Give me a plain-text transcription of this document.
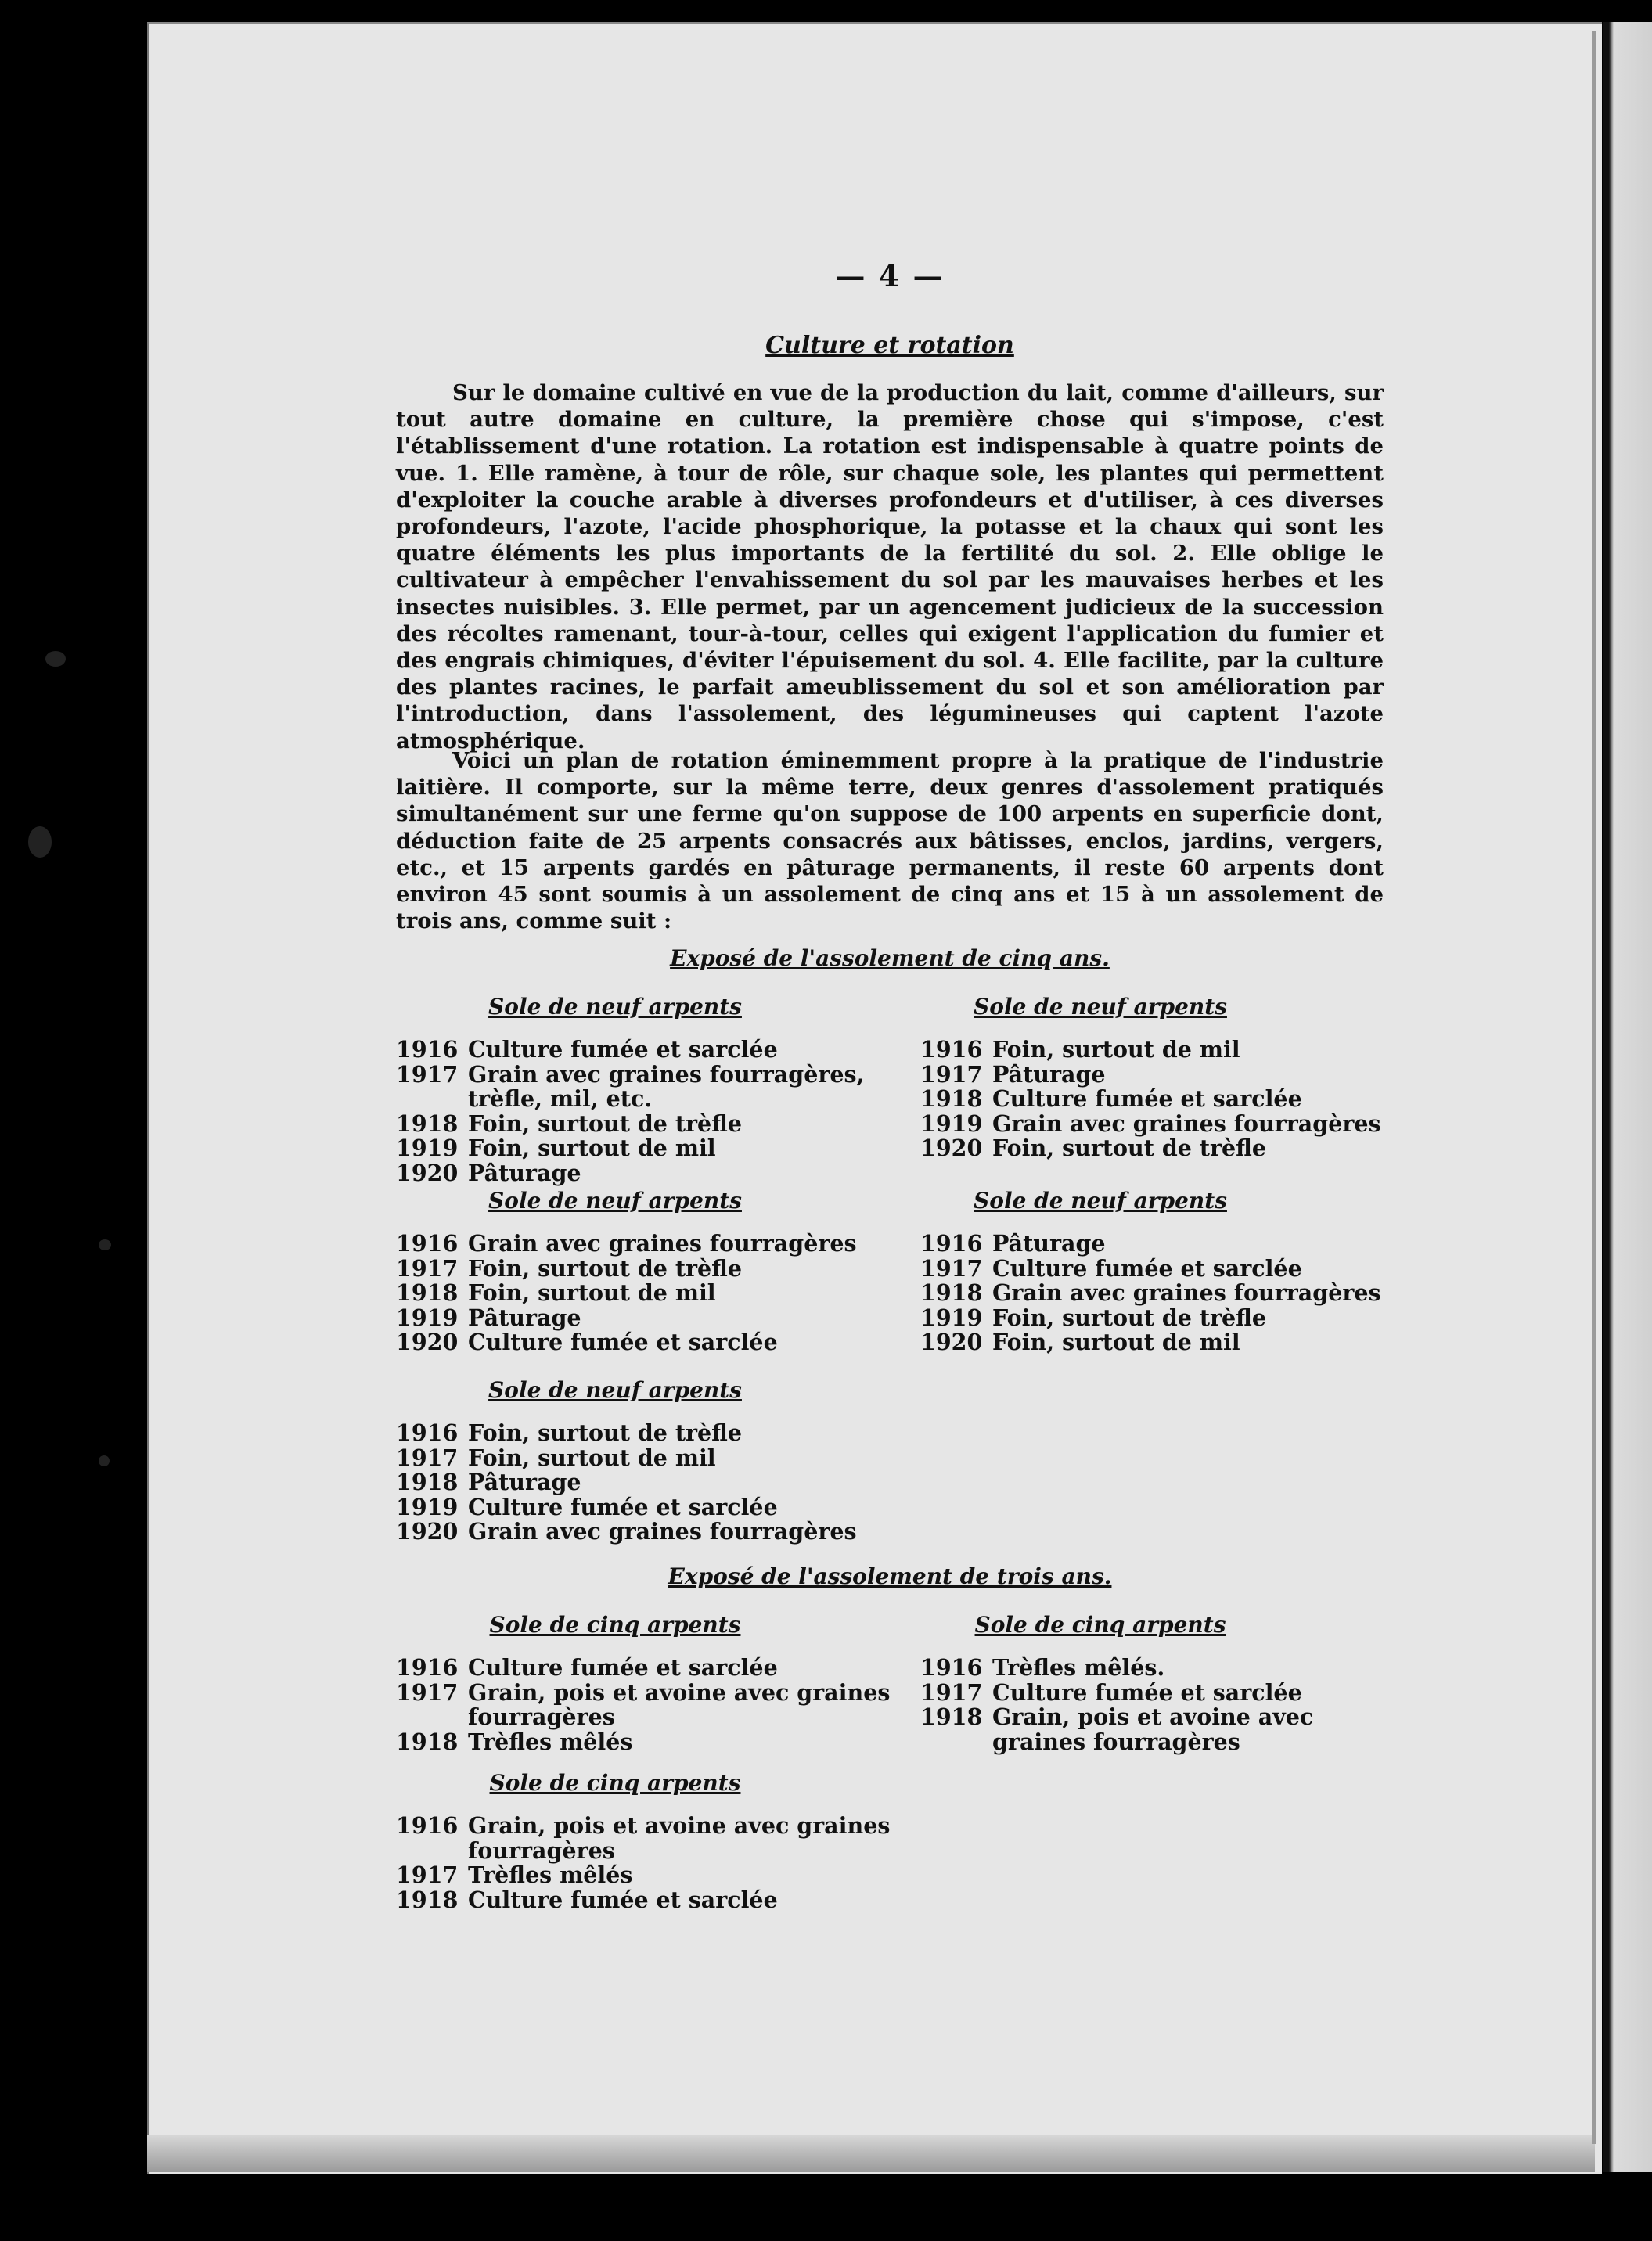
— 4 —
Culture et rotation

Sur le domaine cultivé en vue de la production du lait, comme d'ailleurs, sur tout autre domaine en culture, la première chose qui s'impose, c'est l'établissement d'une rotation. La rotation est indispensable à quatre points de vue. 1. Elle ramène, à tour de rôle, sur chaque sole, les plantes qui permettent d'exploiter la couche arable à diverses profondeurs et d'utiliser, à ces diverses profondeurs, l'azote, l'acide phosphorique, la potasse et la chaux qui sont les quatre éléments les plus importants de la fertilité du sol. 2. Elle oblige le cultivateur à empêcher l'envahissement du sol par les mauvaises herbes et les insectes nuisibles. 3. Elle permet, par un agencement judicieux de la succession des récoltes ramenant, tour-à-tour, celles qui exigent l'application du fumier et des engrais chimiques, d'éviter l'épuisement du sol. 4. Elle facilite, par la culture des plantes racines, le parfait ameublissement du sol et son amélioration par l'introduction, dans l'assolement, des légumineuses qui captent l'azote atmosphérique.

Voici un plan de rotation éminemment propre à la pratique de l'industrie laitière. Il comporte, sur la même terre, deux genres d'assolement pratiqués simultanément sur une ferme qu'on suppose de 100 arpents en superficie dont, déduction faite de 25 arpents consacrés aux bâtisses, enclos, jardins, vergers, etc., et 15 arpents gardés en pâturage permanents, il reste 60 arpents dont environ 45 sont soumis à un assolement de cinq ans et 15 à un assolement de trois ans, comme suit :

Exposé de l'assolement de cinq ans.
Sole de neuf arpents
1916 Culture fumée et sarclée
1917 Grain avec graines fourragères, trèfle, mil, etc.
1918 Foin, surtout de trèfle
1919 Foin, surtout de mil
1920 Pâturage
Sole de neuf arpents
1916 Foin, surtout de mil
1917 Pâturage
1918 Culture fumée et sarclée
1919 Grain avec graines fourragères
1920 Foin, surtout de trèfle
Sole de neuf arpents
1916 Grain avec graines fourragères
1917 Foin, surtout de trèfle
1918 Foin, surtout de mil
1919 Pâturage
1920 Culture fumée et sarclée
Sole de neuf arpents
1916 Pâturage
1917 Culture fumée et sarclée
1918 Grain avec graines fourragères
1919 Foin, surtout de trèfle
1920 Foin, surtout de mil
Sole de neuf arpents
1916 Foin, surtout de trèfle
1917 Foin, surtout de mil
1918 Pâturage
1919 Culture fumée et sarclée
1920 Grain avec graines fourragères
Exposé de l'assolement de trois ans.
Sole de cinq arpents
1916 Culture fumée et sarclée
1917 Grain, pois et avoine avec graines fourragères
1918 Trèfles mêlés
Sole de cinq arpents
1916 Trèfles mêlés.
1917 Culture fumée et sarclée
1918 Grain, pois et avoine avec graines fourragères
Sole de cinq arpents
1916 Grain, pois et avoine avec graines fourragères
1917 Trèfles mêlés
1918 Culture fumée et sarclée
